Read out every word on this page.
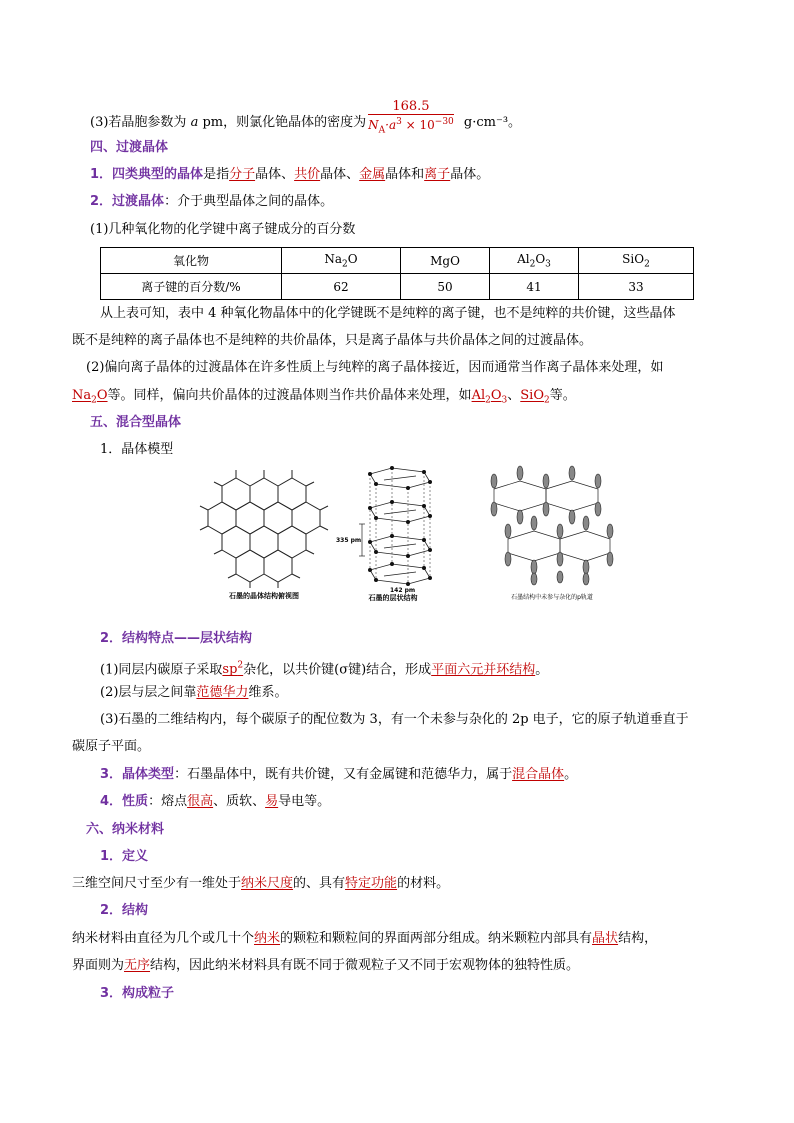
(3)若晶胞参数为 a pm，则氯化铯晶体的密度为 $\frac{168.5}{N_A\cdot a^3 \times 10^{-30}} g\cdot cm^{-3}$。
四、过渡晶体
1．四类典型的晶体是指分子晶体、共价晶体、金属晶体和离子晶体。
2．过渡晶体：介于典型晶体之间的晶体。
(1)几种氧化物的化学键中离子键成分的百分数
氧化物	$Na_2O$	MgO	$Al_2O_3$	SiO$_2$
离子键的百分数/%	62	50	41	33
从上表可知，表中 4 种氧化物晶体中的化学键既不是纯粹的离子键，也不是纯粹的共价键，这些晶体
既不是纯粹的离子晶体也不是纯粹的共价晶体，只是离子晶体与共价晶体之间的过渡晶体。
(2)偏向离子晶体的过渡晶体在许多性质上与纯粹的离子晶体接近，因而通常当作离子晶体来处理，如
$Na_2O$等。同样，偏向共价晶体的过渡晶体则当作共价晶体来处理，如$Al_2O_3$、SiO$_2$等。
五、混合型晶体
1．晶体模型
石墨的晶体结构俯视图
335 pm
142 pm
石墨的层状结构	石墨结构中未参与杂化的p轨道
2．结构特点——层状结构
(1)同层内碳原子采取$sp^2$杂化，以共价键(σ键)结合，形成平面六元并环结构。
(2)层与层之间靠范德华力维系。
(3)石墨的二维结构内，每个碳原子的配位数为 3，有一个未参与杂化的 2p 电子，它的原子轨道垂直于
碳原子平面。
3．晶体类型：石墨晶体中，既有共价键，又有金属键和范德华力，属于混合晶体。
4．性质：熔点很高、质软、易导电等。
六、纳米材料
1．定义
三维空间尺寸至少有一维处于纳米尺度的、具有特定功能的材料。
2．结构
纳米材料由直径为几个或几十个纳米的颗粒和颗粒间的界面两部分组成。纳米颗粒内部具有晶状结构，
界面则为无序结构，因此纳米材料具有既不同于微观粒子又不同于宏观物体的独特性质。
3．构成粒子
